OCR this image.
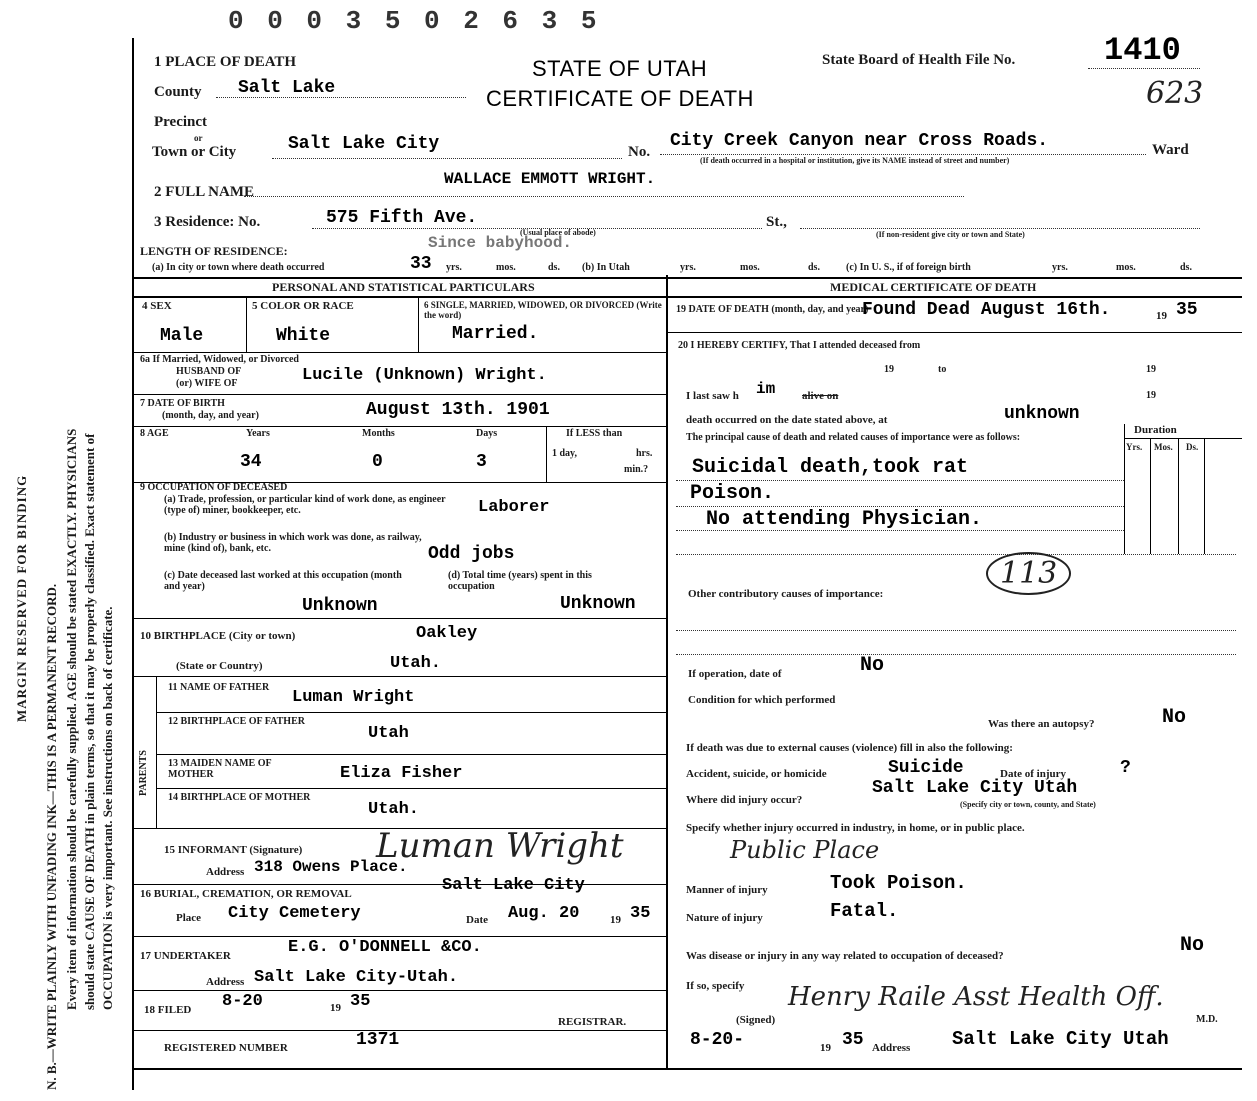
MARGIN RESERVED FOR BINDING N. B.—WRITE PLAINLY WITH UNFADING INK—THIS IS A PERMANENT RECORD. Every item of information should be carefully supplied. AGE should be stated EXACTLY. PHYSICIANS should state CAUSE OF DEATH in plain terms, so that it may be properly classified. Exact statement of OCCUPATION is very important. See instructions on back of certificate.
0 0 0 3 5 0 2 6 3 5
STATE OF UTAH
CERTIFICATE OF DEATH
State Board of Health File No.	1410
623
1 PLACE OF DEATH
County Salt Lake
Precinct
or
Town or City	Salt Lake City	No.
City Creek Canyon near Cross Roads.
(If death occurred in a hospital or institution, give its NAME instead of street and number)
Ward
2 FULL NAME
WALLACE EMMOTT WRIGHT.
3 Residence: No.	575 Fifth Ave.
(Usual place of abode)
St.,
(If non-resident give city or town and State)
LENGTH OF RESIDENCE:	Since babyhood.
(a) In city or town where death occurred	33 yrs.	mos.	ds. (b) In Utah	yrs.	mos.	ds.	(c) In U. S., if of foreign birth	yrs.	mos.	ds.
PERSONAL AND STATISTICAL PARTICULARS	MEDICAL CERTIFICATE OF DEATH
4 SEX
Male
5 COLOR OR RACE
White
6 SINGLE, MARRIED, WIDOWED, OR DIVORCED (Write the word)
Married.
6a If Married, Widowed, or Divorced
HUSBAND OF
(or) WIFE OF	Lucile (Unknown) Wright.
7 DATE OF BIRTH
(month, day, and year)	August 13th. 1901
8 AGE	Years	Months	Days	If LESS than
34	0	3	1 day,	hrs.
min.?
9 OCCUPATION OF DECEASED
(a) Trade, profession, or particular kind of work done, as engineer (type of) miner, bookkeeper, etc.	Laborer
(b) Industry or business in which work was done, as railway, mine (kind of), bank, etc.	Odd jobs
(c) Date deceased last worked at this occupation (month and year)
Unknown
(d) Total time (years) spent in this occupation
Unknown
10 BIRTHPLACE (City or town)	Oakley
(State or Country)	Utah.
PARENTS
11 NAME OF FATHER
Luman Wright
12 BIRTHPLACE OF FATHER
Utah
13 MAIDEN NAME OF MOTHER	Eliza Fisher
14 BIRTHPLACE OF MOTHER
Utah.
15 INFORMANT (Signature) Luman Wright
Address 318 Owens Place.
16 BURIAL, CREMATION, OR REMOVAL	Salt Lake City
Place City Cemetery	Date Aug. 20	19 35
17 UNDERTAKER	E.G. O'DONNELL &CO.
Address Salt Lake City-Utah.
18 FILED 8-20	19 35
REGISTRAR.
REGISTERED NUMBER	1371
19 DATE OF DEATH (month, day, and year)
Found Dead August 16th.	19 35
20 I HEREBY CERTIFY, That I attended deceased from
19	to	19
I last saw h im alive on	19
death occurred on the date stated above, at	unknown
The principal cause of death and related causes of importance were as follows:
Duration
Yrs. Mos. Ds.
Suicidal death,took rat
Poison.
No attending Physician.
Other contributory causes of importance:
113
If operation, date of	No
Condition for which performed
Was there an autopsy?	No
If death was due to external causes (violence) fill in also the following:
Accident, suicide, or homicide	Suicide	Date of injury	?
Where did injury occur?
Salt Lake City Utah
(Specify city or town, county, and State)
Specify whether injury occurred in industry, in home, or in public place.
Public Place
Manner of injury	Took Poison.
Nature of injury	Fatal.
Was disease or injury in any way related to occupation of deceased?	No
If so, specify
(Signed)
Henry Raile Asst Health Off.
M.D.
8-20-	19 35 Address Salt Lake City Utah
